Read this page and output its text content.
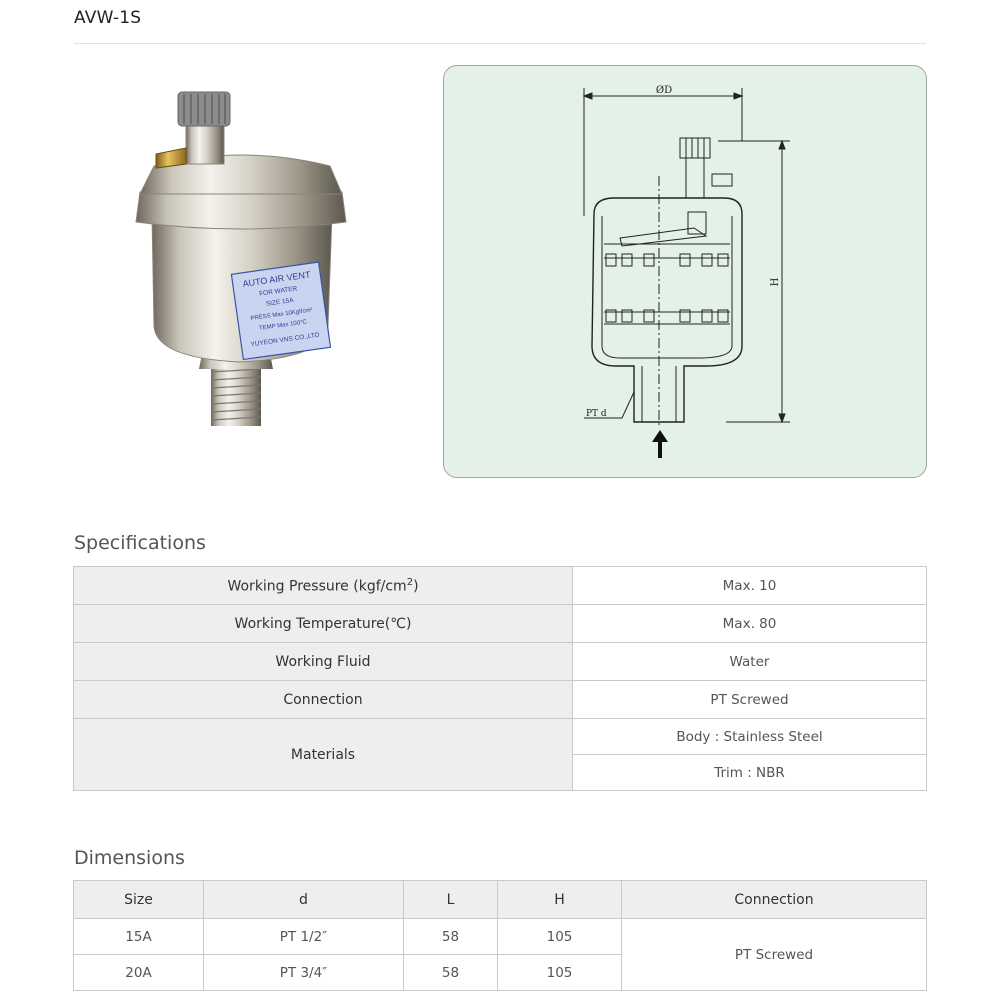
AVW-1S
AUTO AIR VENT
FOR WATER
SIZE 15A
PRESS Max 10Kgf/cm²
TEMP Max 100°C
YUYEON VNS CO.,LTD
ØD
H
PT d
Specifications
Working Pressure $(kgf/cm^2)$	Max. 10
Working Temperature(℃)	Max. 80
Working Fluid	Water
Connection	PT Screwed
Materials	Body : Stainless Steel
	Trim : NBR
Dimensions
Size	d	L	H	Connection
15A	PT 1/2″	58	105	PT Screwed
20A	PT 3/4″	58	105	
